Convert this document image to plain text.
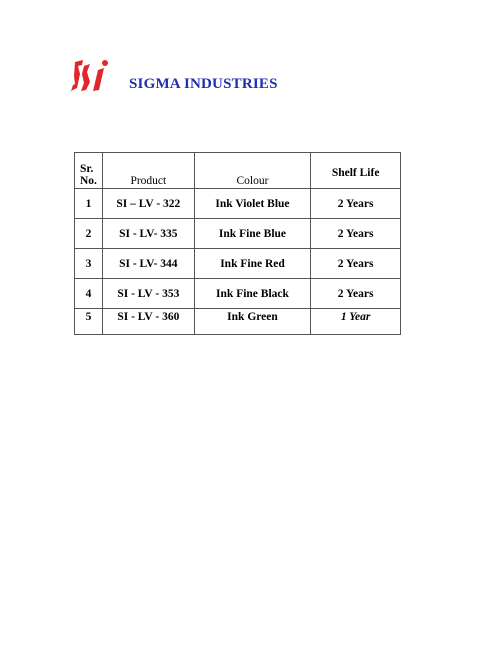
SIGMA INDUSTRIES
Sr.
No.	Product	Colour	Shelf Life
1	SI – LV - 322	Ink Violet Blue	2 Years
2	SI - LV- 335	Ink Fine Blue	2 Years
3	SI - LV- 344	Ink Fine Red	2 Years
4	SI - LV - 353	Ink Fine Black	2 Years
5	SI - LV - 360	Ink Green	1 Year
